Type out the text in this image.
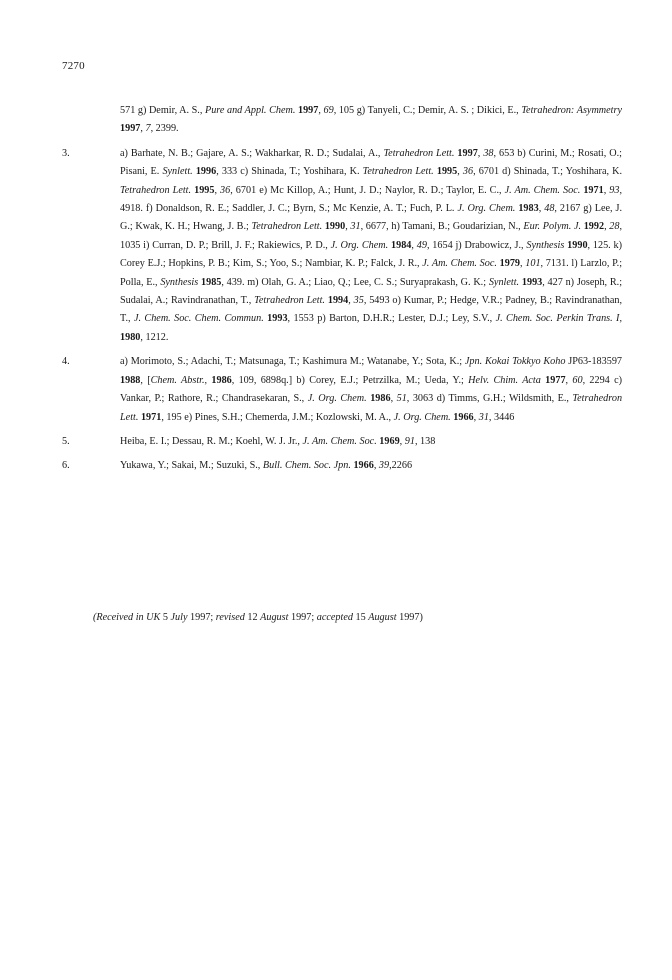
7270

571 g) Demir, A. S., Pure and Appl. Chem. 1997, 69, 105 g) Tanyeli, C.; Demir, A. S. ; Dikici, E., Tetrahedron: Asymmetry 1997, 7, 2399.

3.	a) Barhate, N. B.; Gajare, A. S.; Wakharkar, R. D.; Sudalai, A., Tetrahedron Lett. 1997, 38, 653 b) Curini, M.; Rosati, O.; Pisani, E. Synlett. 1996, 333 c) Shinada, T.; Yoshihara, K. Tetrahedron Lett. 1995, 36, 6701 d) Shinada, T.; Yoshihara, K. Tetrahedron Lett. 1995, 36, 6701 e) Mc Killop, A.; Hunt, J. D.; Naylor, R. D.; Taylor, E. C., J. Am. Chem. Soc. 1971, 93, 4918. f) Donaldson, R. E.; Saddler, J. C.; Byrn, S.; Mc Kenzie, A. T.; Fuch, P. L. J. Org. Chem. 1983, 48, 2167 g) Lee, J. G.; Kwak, K. H.; Hwang, J. B.; Tetrahedron Lett. 1990, 31, 6677, h) Tamani, B.; Goudarizian, N., Eur. Polym. J. 1992, 28, 1035 i) Curran, D. P.; Brill, J. F.; Rakiewics, P. D., J. Org. Chem. 1984, 49, 1654 j) Drabowicz, J., Synthesis 1990, 125. k) Corey E.J.; Hopkins, P. B.; Kim, S.; Yoo, S.; Nambiar, K. P.; Falck, J. R., J. Am. Chem. Soc. 1979, 101, 7131. l) Larzlo, P.; Polla, E., Synthesis 1985, 439. m) Olah, G. A.; Liao, Q.; Lee, C. S.; Suryaprakash, G. K.; Synlett. 1993, 427 n) Joseph, R.; Sudalai, A.; Ravindranathan, T., Tetrahedron Lett. 1994, 35, 5493 o) Kumar, P.; Hedge, V.R.; Padney, B.; Ravindranathan, T., J. Chem. Soc. Chem. Commun. 1993, 1553 p) Barton, D.H.R.; Lester, D.J.; Ley, S.V., J. Chem. Soc. Perkin Trans. I, 1980, 1212.

4.	a) Morimoto, S.; Adachi, T.; Matsunaga, T.; Kashimura M.; Watanabe, Y.; Sota, K.; Jpn. Kokai Tokkyo Koho JP63-183597 1988, [Chem. Abstr., 1986, 109, 6898q.] b) Corey, E.J.; Petrzilka, M.; Ueda, Y.; Helv. Chim. Acta 1977, 60, 2294 c) Vankar, P.; Rathore, R.; Chandrasekaran, S., J. Org. Chem. 1986, 51, 3063 d) Timms, G.H.; Wildsmith, E., Tetrahedron Lett. 1971, 195 e) Pines, S.H.; Chemerda, J.M.; Kozlowski, M. A., J. Org. Chem. 1966, 31, 3446

5.	Heiba, E. I.; Dessau, R. M.; Koehl, W. J. Jr., J. Am. Chem. Soc. 1969, 91, 138

6.	Yukawa, Y.; Sakai, M.; Suzuki, S., Bull. Chem. Soc. Jpn. 1966, 39,2266

(Received in UK 5 July 1997; revised 12 August 1997; accepted 15 August 1997)
